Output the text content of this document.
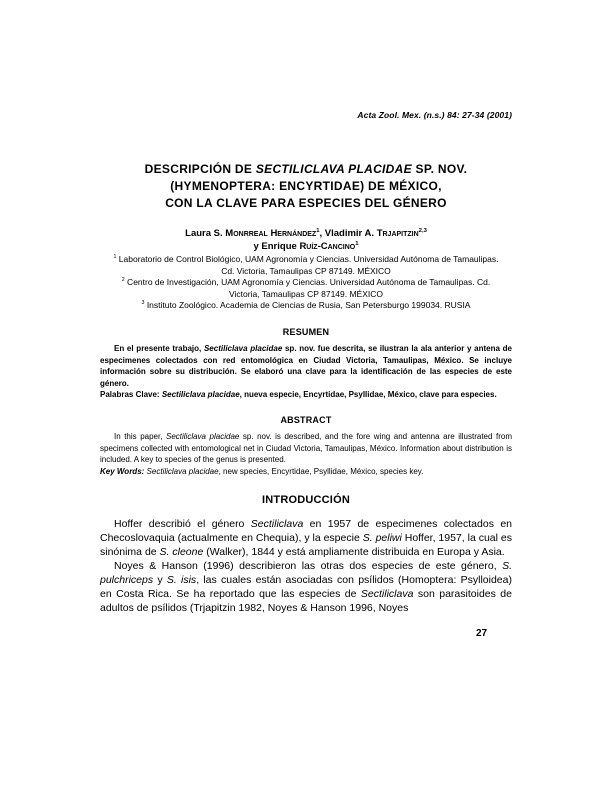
Acta Zool. Mex. (n.s.) 84: 27-34 (2001)
DESCRIPCIÓN DE SECTILICLAVA PLACIDAE SP. NOV.
(HYMENOPTERA: ENCYRTIDAE) DE MÉXICO,
CON LA CLAVE PARA ESPECIES DEL GÉNERO
Laura S. Monrreal Hernández$^1$, Vladimir A. Trjapitzin$^{2,3}$
y Enrique Ruíz-Cancino$^1$
$^1$ Laboratorio de Control Biológico, UAM Agronomía y Ciencias. Universidad Autónoma de Tamaulipas. Cd. Victoria, Tamaulipas CP 87149. MÉXICO
$^2$ Centro de Investigación, UAM Agronomía y Ciencias. Universidad Autónoma de Tamaulipas. Cd. Victoria, Tamaulipas CP 87149. MÉXICO
$^3$ Instituto Zoológico. Academia de Ciencias de Rusia, San Petersburgo 199034. RUSIA
RESUMEN

En el presente trabajo, Sectiliclava placidae sp. nov. fue descrita, se ilustran la ala anterior y antena de especimenes colectados con red entomológica en Ciudad Victoria, Tamaulipas, México. Se incluye información sobre su distribución. Se elaboró una clave para la identificación de las especies de este género.

Palabras Clave: Sectiliclava placidae, nueva especie, Encyrtidae, Psyllidae, México, clave para especies.

ABSTRACT

In this paper, Sectiliclava placidae sp. nov. is described, and the fore wing and antenna are illustrated from specimens collected with entomological net in Ciudad Victoria, Tamaulipas, México. Information about distribution is included. A key to species of the genus is presented.

Key Words: Sectiliclava placidae, new species, Encyrtidae, Psyllidae, México, species key.

INTRODUCCIÓN

Hoffer describió el género Sectiliclava en 1957 de especimenes colectados en Checoslovaquia (actualmente en Chequia), y la especie S. peliwi Hoffer, 1957, la cual es sinónima de S. cleone (Walker), 1844 y está ampliamente distribuida en Europa y Asia.

Noyes & Hanson (1996) describieron las otras dos especies de este género, S. pulchriceps y S. isis, las cuales están asociadas con psílidos (Homoptera: Psylloidea) en Costa Rica. Se ha reportado que las especies de Sectiliclava son parasitoides de adultos de psílidos (Trjapitzin 1982, Noyes & Hanson 1996, Noyes

27
